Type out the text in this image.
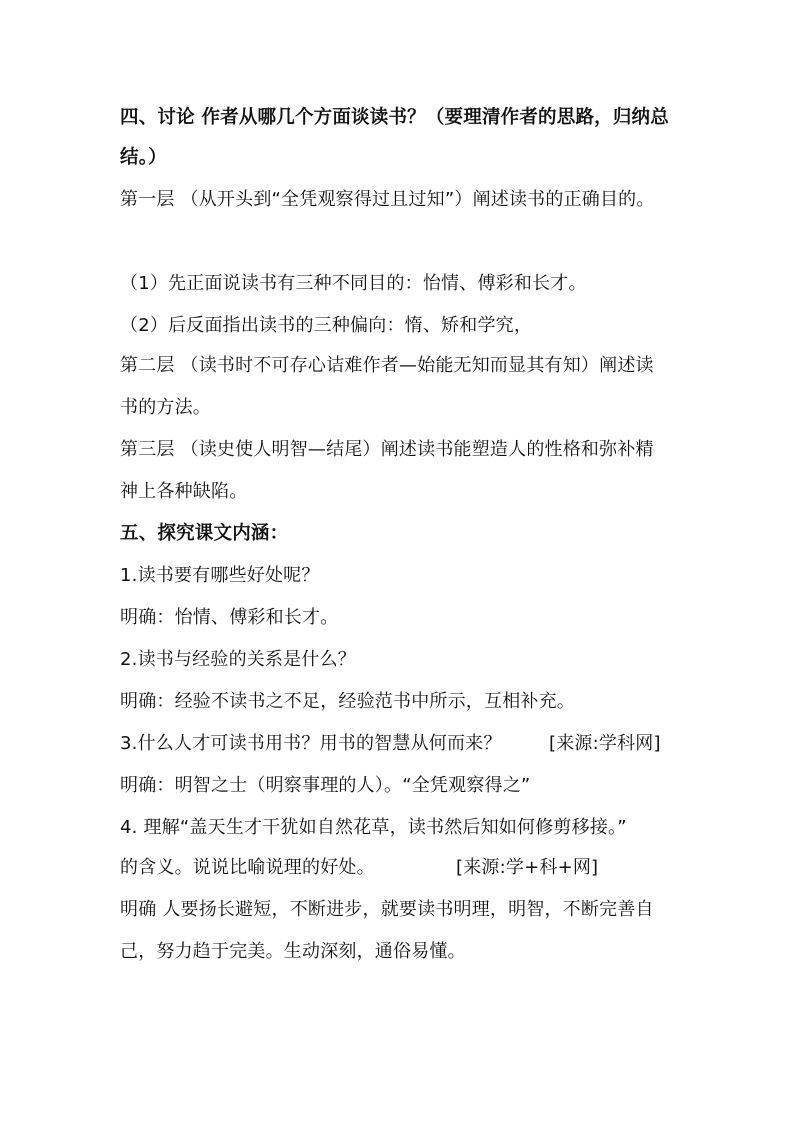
四、讨论 作者从哪几个方面谈读书？（要理清作者的思路，归纳总
结。）
第一层 （从开头到“全凭观察得过且过知”）阐述读书的正确目的。
（1）先正面说读书有三种不同目的：怡情、傅彩和长才。
（2）后反面指出读书的三种偏向：惰、矫和学究，
第二层 （读书时不可存心诘难作者—始能无知而显其有知）阐述读
书的方法。
第三层 （读史使人明智—结尾）阐述读书能塑造人的性格和弥补精
神上各种缺陷。
五、探究课文内涵：
1.读书要有哪些好处呢？
明确：怡情、傅彩和长才。
2.读书与经验的关系是什么？
明确：经验不读书之不足，经验范书中所示，互相补充。
3.什么人才可读书用书？用书的智慧从何而来？	[来源:学科网]
明确：明智之士（明察事理的人）。“全凭观察得之”
4. 理解“盖天生才干犹如自然花草，读书然后知如何修剪移接。”
的含义。说说比喻说理的好处。	[来源:学+科+网]
明确 人要扬长避短，不断进步，就要读书明理，明智，不断完善自
己，努力趋于完美。生动深刻，通俗易懂。
